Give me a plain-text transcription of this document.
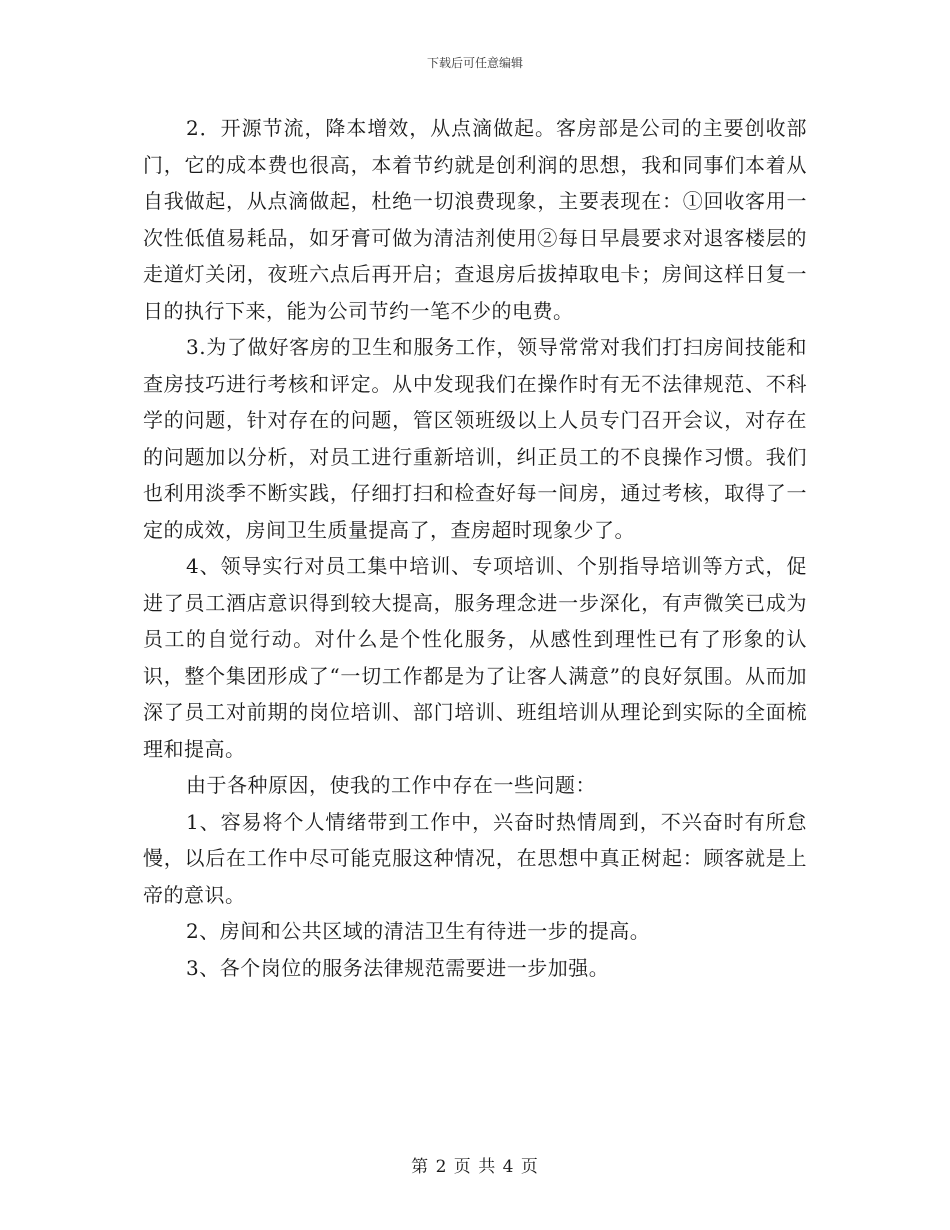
下载后可任意编辑

2．开源节流，降本增效，从点滴做起。客房部是公司的主要创收部门，它的成本费也很高，本着节约就是创利润的思想，我和同事们本着从自我做起，从点滴做起，杜绝一切浪费现象，主要表现在：①回收客用一次性低值易耗品，如牙膏可做为清洁剂使用②每日早晨要求对退客楼层的走道灯关闭，夜班六点后再开启；查退房后拔掉取电卡；房间这样日复一日的执行下来，能为公司节约一笔不少的电费。

3.为了做好客房的卫生和服务工作，领导常常对我们打扫房间技能和查房技巧进行考核和评定。从中发现我们在操作时有无不法律规范、不科学的问题，针对存在的问题，管区领班级以上人员专门召开会议，对存在的问题加以分析，对员工进行重新培训，纠正员工的不良操作习惯。我们也利用淡季不断实践，仔细打扫和检查好每一间房，通过考核，取得了一定的成效，房间卫生质量提高了，查房超时现象少了。

4、领导实行对员工集中培训、专项培训、个别指导培训等方式，促进了员工酒店意识得到较大提高，服务理念进一步深化，有声微笑已成为员工的自觉行动。对什么是个性化服务，从感性到理性已有了形象的认识，整个集团形成了“一切工作都是为了让客人满意”的良好氛围。从而加深了员工对前期的岗位培训、部门培训、班组培训从理论到实际的全面梳理和提高。

由于各种原因，使我的工作中存在一些问题：

1、容易将个人情绪带到工作中，兴奋时热情周到，不兴奋时有所怠慢，以后在工作中尽可能克服这种情况，在思想中真正树起：顾客就是上帝的意识。

2、房间和公共区域的清洁卫生有待进一步的提高。

3、各个岗位的服务法律规范需要进一步加强。

第 2 页 共 4 页
